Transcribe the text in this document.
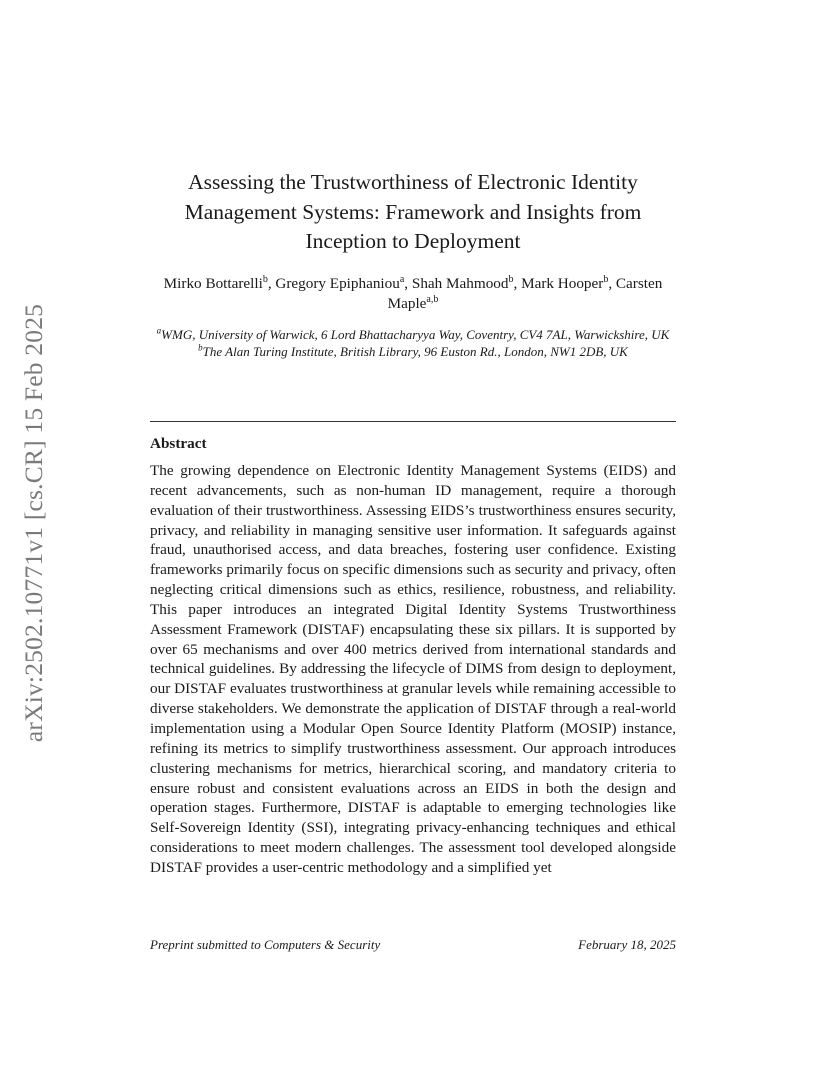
arXiv:2502.10771v1 [cs.CR] 15 Feb 2025
Assessing the Trustworthiness of Electronic Identity Management Systems: Framework and Insights from Inception to Deployment
Mirko Bottarelli$^b$, Gregory Epiphaniou$^a$, Shah Mahmood$^b$, Mark Hooper$^b$, Carsten Maple$^{a,b}$
$^a$WMG, University of Warwick, 6 Lord Bhattacharyya Way, Coventry, CV4 7AL, Warwickshire, UK
$^b$The Alan Turing Institute, British Library, 96 Euston Rd., London, NW1 2DB, UK
Abstract

The growing dependence on Electronic Identity Management Systems (EIDS) and recent advancements, such as non-human ID management, require a thorough evaluation of their trustworthiness. Assessing EIDS’s trustworthiness ensures security, privacy, and reliability in managing sensitive user information. It safeguards against fraud, unauthorised access, and data breaches, fostering user confidence. Existing frameworks primarily focus on specific dimensions such as security and privacy, often neglecting critical dimensions such as ethics, resilience, robustness, and reliability. This paper introduces an integrated Digital Identity Systems Trustworthiness Assessment Framework (DISTAF) encapsulating these six pillars. It is supported by over 65 mechanisms and over 400 metrics derived from international standards and technical guidelines. By addressing the lifecycle of DIMS from design to deployment, our DISTAF evaluates trustworthiness at granular levels while remaining accessible to diverse stakeholders. We demonstrate the application of DISTAF through a real-world implementation using a Modular Open Source Identity Platform (MOSIP) instance, refining its metrics to simplify trustworthiness assessment. Our approach introduces clustering mechanisms for metrics, hierarchical scoring, and mandatory criteria to ensure robust and consistent evaluations across an EIDS in both the design and operation stages. Furthermore, DISTAF is adaptable to emerging technologies like Self-Sovereign Identity (SSI), integrating privacy-enhancing techniques and ethical considerations to meet modern challenges. The assessment tool developed alongside DISTAF provides a user-centric methodology and a simplified yet

Preprint submitted to Computers & Security	February 18, 2025
